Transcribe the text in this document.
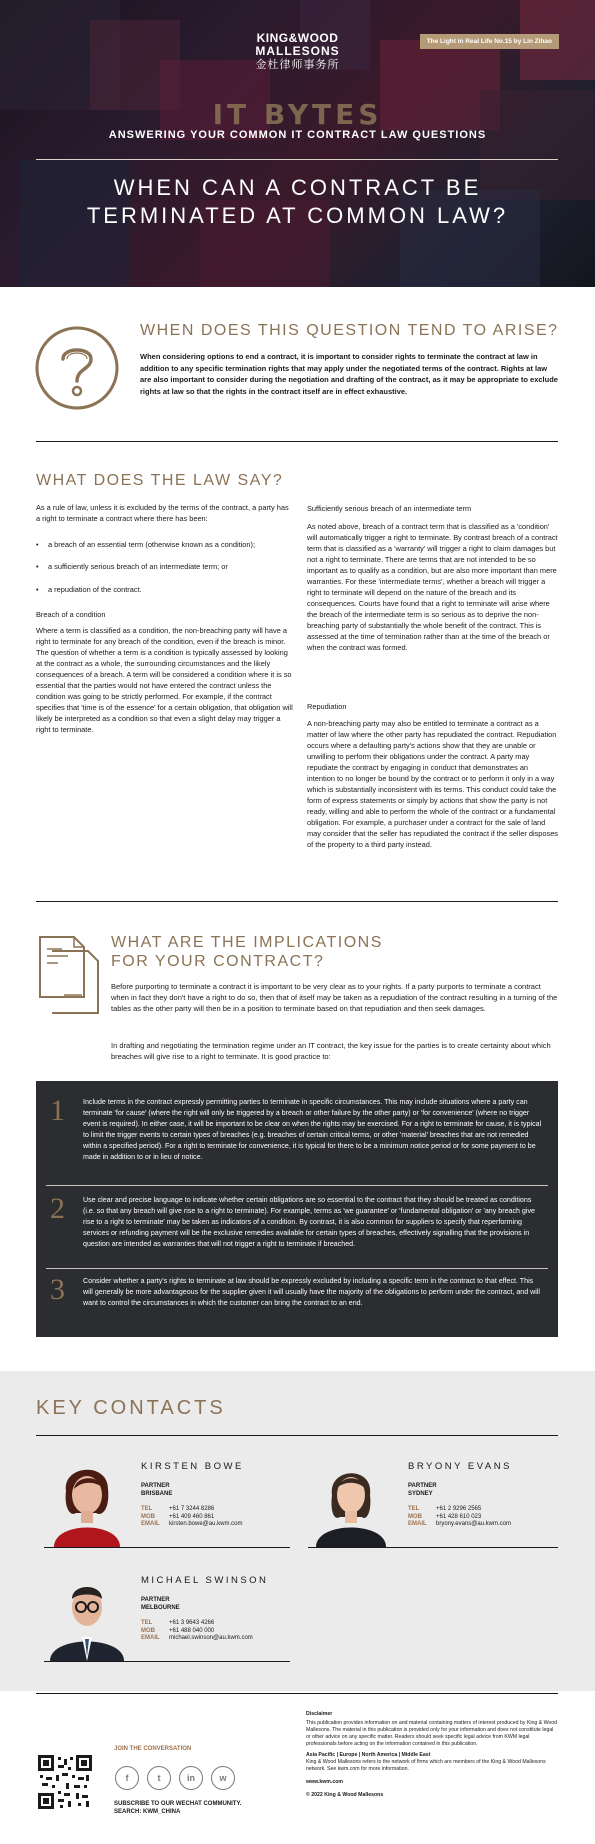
KING&WOOD
MALLESONS
金杜律师事务所
The Light in Real Life No.15 by Lin Zihao
IT BYTES
ANSWERING YOUR COMMON IT CONTRACT LAW QUESTIONS
WHEN CAN A CONTRACT BE
TERMINATED AT COMMON LAW?
WHEN DOES THIS QUESTION TEND TO ARISE?
When considering options to end a contract, it is important to consider rights to terminate the contract at law in addition to any specific termination rights that may apply under the negotiated terms of the contract. Rights at law are also important to consider during the negotiation and drafting of the contract, as it may be appropriate to exclude rights at law so that the rights in the contract itself are in effect exhaustive.
WHAT DOES THE LAW SAY?
As a rule of law, unless it is excluded by the terms of the contract, a party has a right to terminate a contract where there has been:
• a breach of an essential term (otherwise known as a condition);
• a sufficiently serious breach of an intermediate term; or
• a repudiation of the contract.
Breach of a condition
Where a term is classified as a condition, the non-breaching party will have a right to terminate for any breach of the condition, even if the breach is minor. The question of whether a term is a condition is typically assessed by looking at the contract as a whole, the surrounding circumstances and the likely consequences of a breach. A term will be considered a condition where it is so essential that the parties would not have entered the contract unless the condition was going to be strictly performed. For example, if the contract specifies that 'time is of the essence' for a certain obligation, that obligation will likely be interpreted as a condition so that even a slight delay may trigger a right to terminate.
Sufficiently serious breach of an intermediate term
As noted above, breach of a contract term that is classified as a 'condition' will automatically trigger a right to terminate. By contrast breach of a contract term that is classified as a 'warranty' will trigger a right to claim damages but not a right to terminate. There are terms that are not intended to be so important as to qualify as a condition, but are also more important than mere warranties. For these 'intermediate terms', whether a breach will trigger a right to terminate will depend on the nature of the breach and its consequences. Courts have found that a right to terminate will arise where the breach of the intermediate term is so serious as to deprive the non-breaching party of substantially the whole benefit of the contract. This is assessed at the time of termination rather than at the time of the breach or when the contract was formed.
Repudiation
A non-breaching party may also be entitled to terminate a contract as a matter of law where the other party has repudiated the contract. Repudiation occurs where a defaulting party's actions show that they are unable or unwilling to perform their obligations under the contract. A party may repudiate the contract by engaging in conduct that demonstrates an intention to no longer be bound by the contract or to perform it only in a way which is substantially inconsistent with its terms. This conduct could take the form of express statements or simply by actions that show the party is not ready, willing and able to perform the whole of the contract or a fundamental obligation. For example, a purchaser under a contract for the sale of land may consider that the seller has repudiated the contract if the seller disposes of the property to a third party instead.
WHAT ARE THE IMPLICATIONS
FOR YOUR CONTRACT?
Before purporting to terminate a contract it is important to be very clear as to your rights. If a party purports to terminate a contract when in fact they don't have a right to do so, then that of itself may be taken as a repudiation of the contract resulting in a turning of the tables as the other party will then be in a position to terminate based on that repudiation and then seek damages.
In drafting and negotiating the termination regime under an IT contract, the key issue for the parties is to create certainty about which breaches will give rise to a right to terminate. It is good practice to:
1	Include terms in the contract expressly permitting parties to terminate in specific circumstances. This may include situations where a party can terminate 'for cause' (where the right will only be triggered by a breach or other failure by the other party) or 'for convenience' (where no trigger event is required). In either case, it will be important to be clear on when the rights may be exercised. For a right to terminate for cause, it is typical to limit the trigger events to certain types of breaches (e.g. breaches of certain critical terms, or other 'material' breaches that are not remedied within a specified period). For a right to terminate for convenience, it is typical for there to be a minimum notice period or for some payment to be made in addition to or in lieu of notice.
2	Use clear and precise language to indicate whether certain obligations are so essential to the contract that they should be treated as conditions (i.e. so that any breach will give rise to a right to terminate). For example, terms as 'we guarantee' or 'fundamental obligation' or 'any breach give rise to a right to terminate' may be taken as indicators of a condition. By contrast, it is also common for suppliers to specify that reperforming services or refunding payment will be the exclusive remedies available for certain types of breaches, effectively signalling that the provisions in question are intended as warranties that will not trigger a right to terminate if breached.
3	Consider whether a party's rights to terminate at law should be expressly excluded by including a specific term in the contract to that effect. This will generally be more advantageous for the supplier given it will usually have the majority of the obligations to perform under the contract, and will want to control the circumstances in which the customer can bring the contract to an end.
KEY CONTACTS
KIRSTEN BOWE
PARTNER
BRISBANE
TEL	+61 7 3244 8286
MOB +61 409 460 861
EMAIL kirsten.bowe@au.kwm.com
BRYONY EVANS
PARTNER
SYDNEY
TEL	+61 2 9296 2565
MOB +61 428 610 023
EMAIL bryony.evans@au.kwm.com
MICHAEL SWINSON
PARTNER
MELBOURNE
TEL	+61 3 9643 4266
MOB +61 488 040 000
EMAIL michael.swinson@au.kwm.com
JOIN THE CONVERSATION
f	t	in	w
SUBSCRIBE TO OUR WECHAT COMMUNITY.
SEARCH: KWM_CHINA
Disclaimer
This publication provides information on and material containing matters of interest produced by King & Wood Mallesons. The material in this publication is provided only for your information and does not constitute legal or other advice on any specific matter. Readers should seek specific legal advice from KWM legal professionals before acting on the information contained in this publication.
Asia Pacific | Europe | North America | Middle East
King & Wood Mallesons refers to the network of firms which are members of the King & Wood Mallesons network. See kwm.com for more information.
www.kwm.com
© 2022 King & Wood Mallesons
